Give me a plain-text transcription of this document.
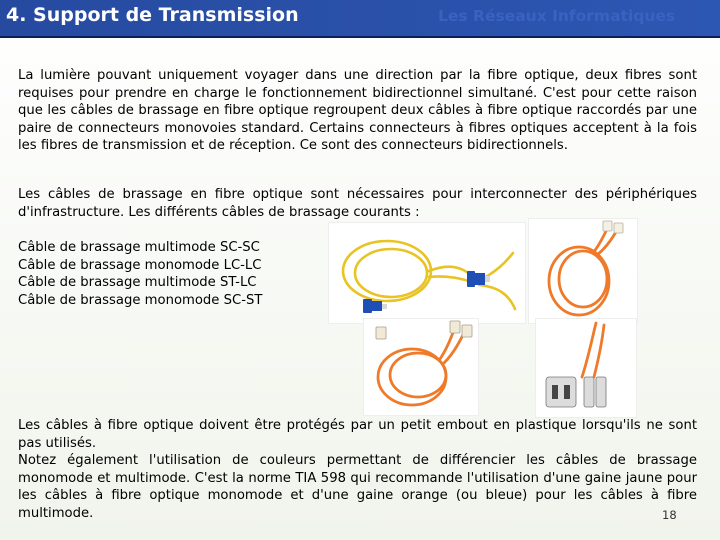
4. Support de Transmission	Les Réseaux Informatiques

La lumière pouvant uniquement voyager dans une direction par la fibre optique, deux fibres sont requises pour prendre en charge le fonctionnement bidirectionnel simultané. C'est pour cette raison que les câbles de brassage en fibre optique regroupent deux câbles à fibre optique raccordés par une paire de connecteurs monovoies standard. Certains connecteurs à fibres optiques acceptent à la fois les fibres de transmission et de réception. Ce sont des connecteurs bidirectionnels.

Les câbles de brassage en fibre optique sont nécessaires pour interconnecter des périphériques d'infrastructure. Les différents câbles de brassage courants :

Câble de brassage multimode SC-SC
Câble de brassage monomode LC-LC
Câble de brassage multimode ST-LC
Câble de brassage monomode SC-ST

Les câbles à fibre optique doivent être protégés par un petit embout en plastique lorsqu'ils ne sont pas utilisés.

Notez également l'utilisation de couleurs permettant de différencier les câbles de brassage monomode et multimode. C'est la norme TIA 598 qui recommande l'utilisation d'une gaine jaune pour les câbles à fibre optique monomode et d'une gaine orange (ou bleue) pour les câbles à fibre multimode.	18
